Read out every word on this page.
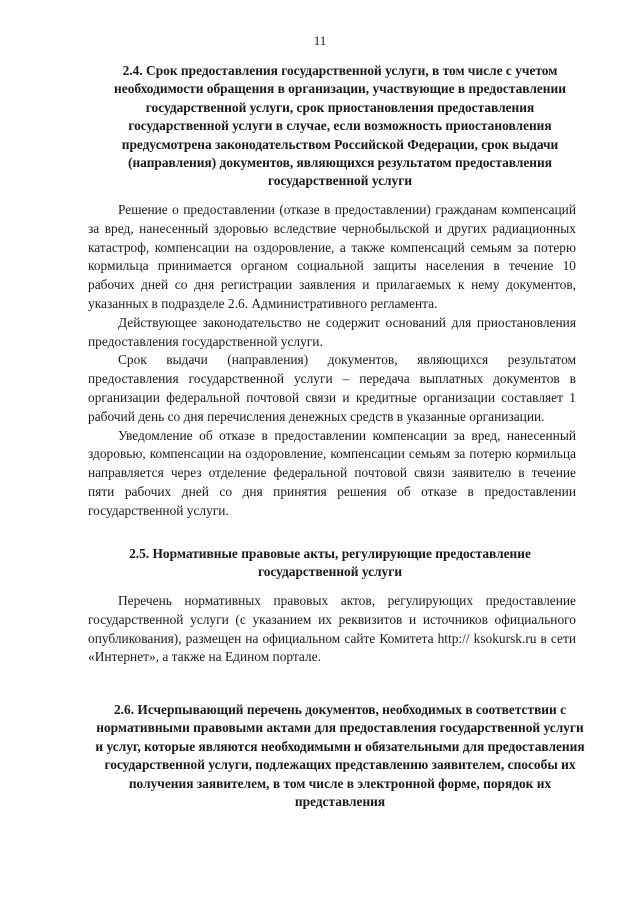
11
2.4. Срок предоставления государственной услуги, в том числе с учетом необходимости обращения в организации, участвующие в предоставлении государственной услуги, срок приостановления предоставления государственной услуги в случае, если возможность приостановления предусмотрена законодательством Российской Федерации, срок выдачи (направления) документов, являющихся результатом предоставления государственной услуги

Решение о предоставлении (отказе в предоставлении) гражданам компенсаций за вред, нанесенный здоровью вследствие чернобыльской и других радиационных катастроф, компенсации на оздоровление, а также компенсаций семьям за потерю кормильца принимается органом социальной защиты населения в течение 10 рабочих дней со дня регистрации заявления и прилагаемых к нему документов, указанных в подразделе 2.6. Административного регламента.

Действующее законодательство не содержит оснований для приостановления предоставления государственной услуги.

Срок выдачи (направления) документов, являющихся результатом предоставления государственной услуги – передача выплатных документов в организации федеральной почтовой связи и кредитные организации составляет 1 рабочий день со дня перечисления денежных средств в указанные организации.

Уведомление об отказе в предоставлении компенсации за вред, нанесенный здоровью, компенсации на оздоровление, компенсации семьям за потерю кормильца направляется через отделение федеральной почтовой связи заявителю в течение пяти рабочих дней со дня принятия решения об отказе в предоставлении государственной услуги.

2.5. Нормативные правовые акты, регулирующие предоставление государственной услуги

Перечень нормативных правовых актов, регулирующих предоставление государственной услуги (с указанием их реквизитов и источников официального опубликования), размещен на официальном сайте Комитета http:// ksokursk.ru в сети «Интернет», а также на Едином портале.

2.6. Исчерпывающий перечень документов, необходимых в соответствии с нормативными правовыми актами для предоставления государственной услуги и услуг, которые являются необходимыми и обязательными для предоставления государственной услуги, подлежащих представлению заявителем, способы их получения заявителем, в том числе в электронной форме, порядок их представления
